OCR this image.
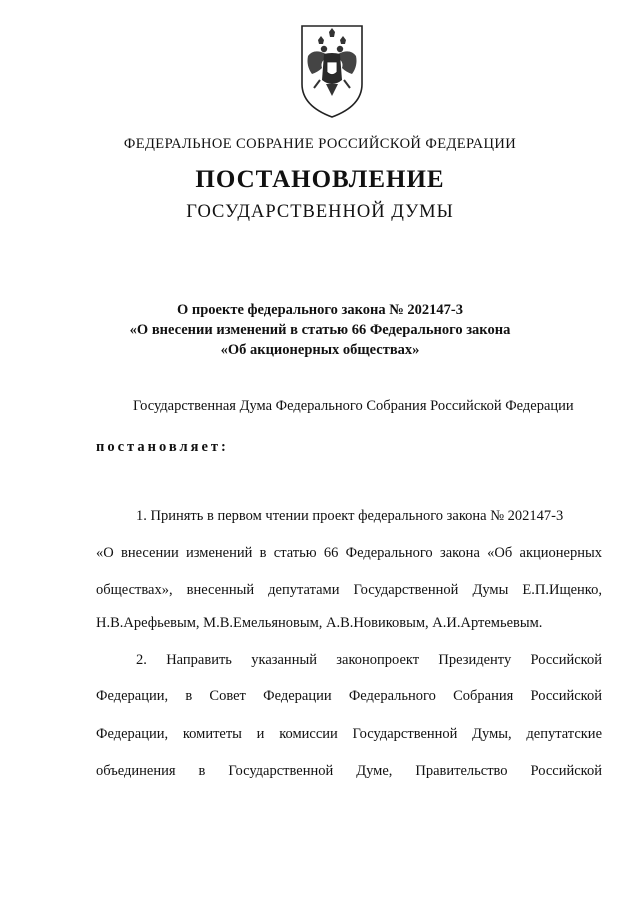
ФЕДЕРАЛЬНОЕ СОБРАНИЕ РОССИЙСКОЙ ФЕДЕРАЦИИ
ПОСТАНОВЛЕНИЕ
ГОСУДАРСТВЕННОЙ ДУМЫ
О проекте федерального закона № 202147-3
«О внесении изменений в статью 66 Федерального закона
«Об акционерных обществах»
Государственная Дума Федерального Собрания Российской Федерации
постановляет:
1. Принять в первом чтении проект федерального закона № 202147-3
«О внесении изменений в статью 66 Федерального закона «Об акционерных
обществах», внесенный депутатами Государственной Думы Е.П.Ищенко,
Н.В.Арефьевым, М.В.Емельяновым, А.В.Новиковым, А.И.Артемьевым.
2. Направить указанный законопроект Президенту Российской
Федерации, в Совет Федерации Федерального Собрания Российской
Федерации, комитеты и комиссии Государственной Думы, депутатские
объединения в Государственной Думе, Правительство Российской
